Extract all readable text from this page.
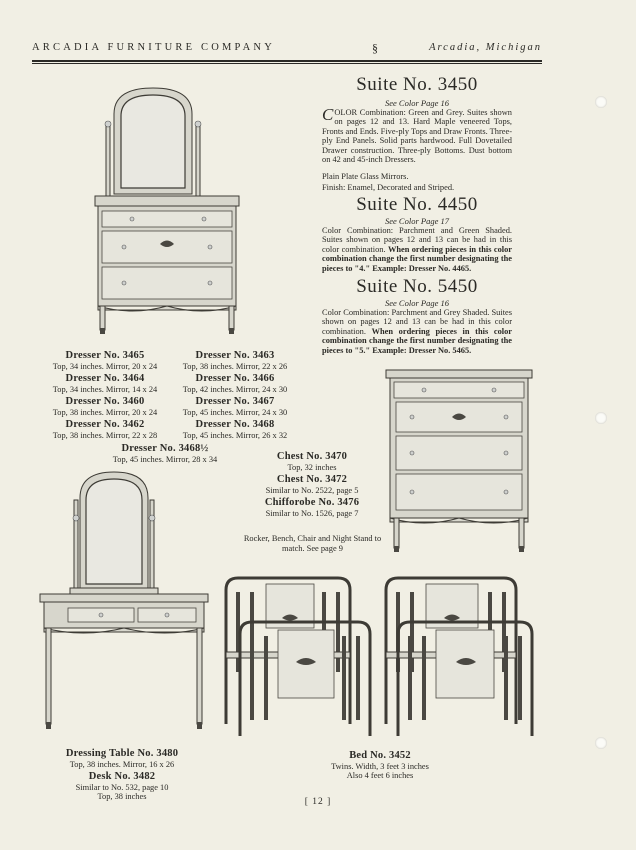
ARCADIA FURNITURE COMPANY	§	Arcadia, Michigan
Suite No. 3450
See Color Page 16
COLOR Combination: Green and Grey. Suites shown on pages 12 and 13. Hard Maple veneered Tops, Fronts and Ends. Five-ply Tops and Draw Fronts. Three-ply End Panels. Solid parts hardwood. Full Dovetailed Drawer construction. Three-ply Bottoms. Dust bottom on 42 and 45-inch Dressers.
Plain Plate Glass Mirrors.
Finish: Enamel, Decorated and Striped.
Suite No. 4450
See Color Page 17
Color Combination: Parchment and Green Shaded. Suites shown on pages 12 and 13 can be had in this color combination. When ordering pieces in this color combination change the first number designating the pieces to "4." Example: Dresser No. 4465.
Suite No. 5450
See Color Page 16
Color Combination: Parchment and Grey Shaded. Suites shown on pages 12 and 13 can be had in this color combination. When ordering pieces in this color combination change the first number designating the pieces to "5." Example: Dresser No. 5465.
Dresser No. 3465
Top, 34 inches. Mirror, 20 x 24
Dresser No. 3463
Top, 38 inches. Mirror, 22 x 26
Dresser No. 3464
Top, 34 inches. Mirror, 14 x 24
Dresser No. 3466
Top, 42 inches. Mirror, 24 x 30
Dresser No. 3460
Top, 38 inches. Mirror, 20 x 24
Dresser No. 3467
Top, 45 inches. Mirror, 24 x 30
Dresser No. 3462
Top, 38 inches. Mirror, 22 x 28
Dresser No. 3468
Top, 45 inches. Mirror, 26 x 32
Dresser No. 3468½
Top, 45 inches. Mirror, 28 x 34	Chest No. 3470
Top, 32 inches
Chest No. 3472
Similar to No. 2522, page 5
Chifforobe No. 3476
Similar to No. 1526, page 7
Rocker, Bench, Chair and Night Stand to match. See page 9
Dressing Table No. 3480
Top, 38 inches. Mirror, 16 x 26
Desk No. 3482
Similar to No. 532, page 10
Top, 38 inches
Bed No. 3452
Twins. Width, 3 feet 3 inches
Also 4 feet 6 inches
[ 12 ]
